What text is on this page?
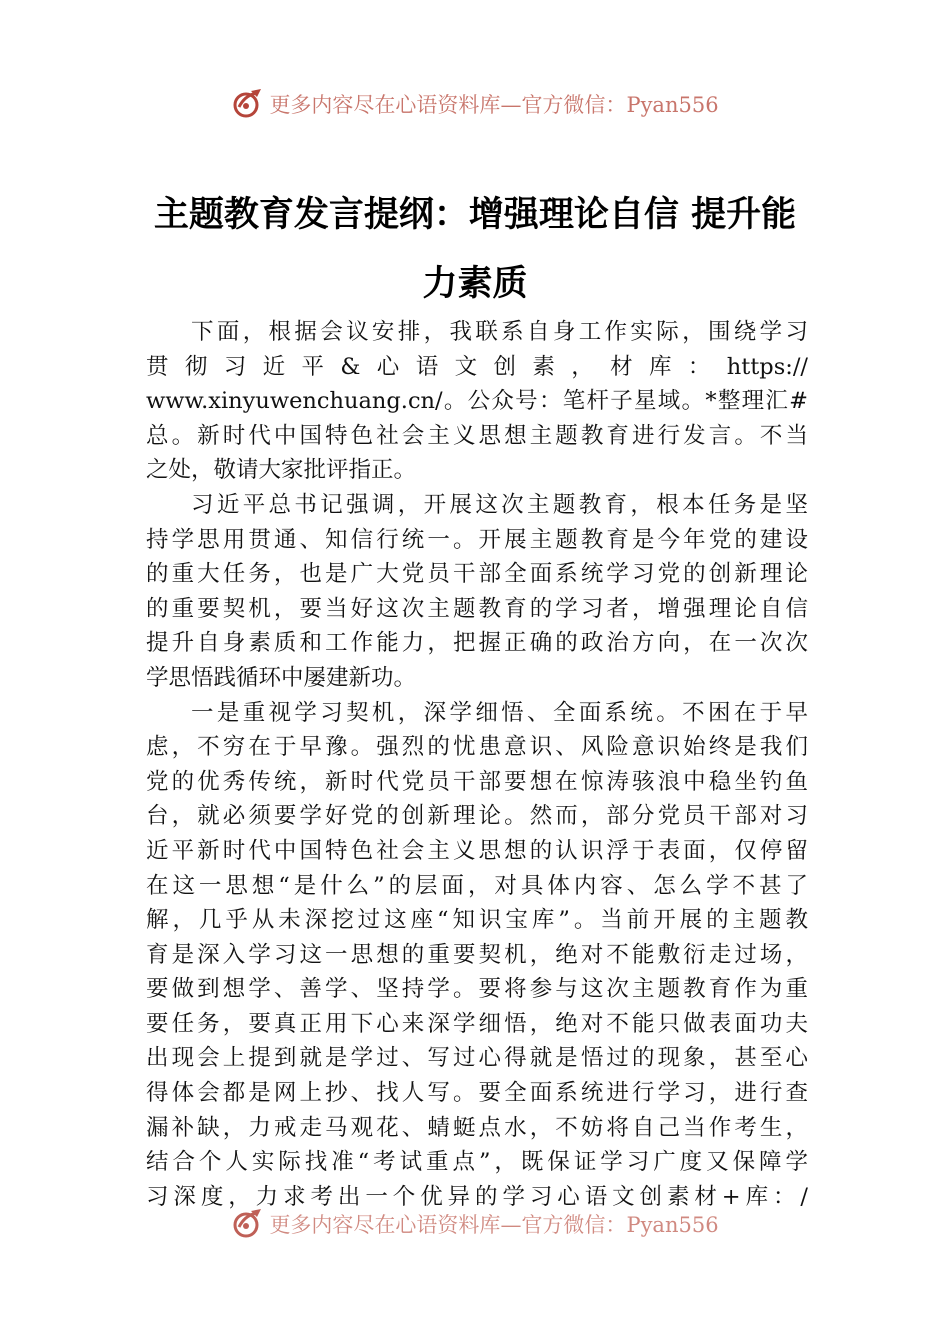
更多内容尽在心语资料库—官方微信：Pyan556
主题教育发言提纲：增强理论自信 提升能
力素质

下面，根据会议安排，我联系自身工作实际，围绕学习
贯彻习近平&心语文创素，材库：https://
www.xinyuwenchuang.cn/。公众号：笔杆子星域。*整理汇#
总。新时代中国特色社会主义思想主题教育进行发言。不当
之处，敬请大家批评指正。

习近平总书记强调，开展这次主题教育，根本任务是坚
持学思用贯通、知信行统一。开展主题教育是今年党的建设
的重大任务，也是广大党员干部全面系统学习党的创新理论
的重要契机，要当好这次主题教育的学习者，增强理论自信
提升自身素质和工作能力，把握正确的政治方向，在一次次
学思悟践循环中屡建新功。

一是重视学习契机，深学细悟、全面系统。不困在于早
虑，不穷在于早豫。强烈的忧患意识、风险意识始终是我们
党的优秀传统，新时代党员干部要想在惊涛骇浪中稳坐钓鱼
台，就必须要学好党的创新理论。然而，部分党员干部对习
近平新时代中国特色社会主义思想的认识浮于表面，仅停留
在这一思想“是什么”的层面，对具体内容、怎么学不甚了
解，几乎从未深挖过这座“知识宝库”。当前开展的主题教
育是深入学习这一思想的重要契机，绝对不能敷衍走过场，
要做到想学、善学、坚持学。要将参与这次主题教育作为重
要任务，要真正用下心来深学细悟，绝对不能只做表面功夫
出现会上提到就是学过、写过心得就是悟过的现象，甚至心
得体会都是网上抄、找人写。要全面系统进行学习，进行查
漏补缺，力戒走马观花、蜻蜓点水，不妨将自己当作考生，
结合个人实际找准“考试重点”，既保证学习广度又保障学
习深度，力求考出一个优异的学习心语文创素材+库：/

更多内容尽在心语资料库—官方微信：Pyan556
